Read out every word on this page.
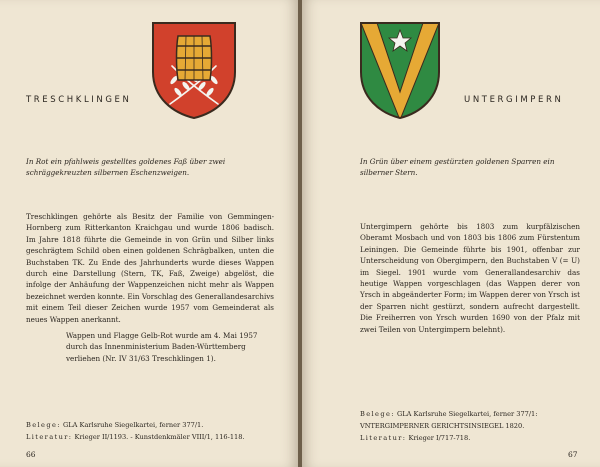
TRESCHKLINGEN

In Rot ein pfahlweis gestelltes goldenes Faß über zwei schräggekreuzten silbernen Eschenzweigen.

Treschklingen gehörte als Besitz der Familie von Gemmingen-Hornberg zum Ritterkanton Kraichgau und wurde 1806 badisch. Im Jahre 1818 führte die Gemeinde in von Grün und Silber links geschrägtem Schild oben einen goldenen Schrägbalken, unten die Buchstaben TK. Zu Ende des Jahrhunderts wurde dieses Wappen durch eine Darstellung (Stern, TK, Faß, Zweige) abgelöst, die infolge der Anhäufung der Wappenzeichen nicht mehr als Wappen bezeichnet werden konnte. Ein Vorschlag des Generallandesarchivs mit einem Teil dieser Zeichen wurde 1957 vom Gemeinderat als neues Wappen anerkannt.

Wappen und Flagge Gelb-Rot wurde am 4. Mai 1957 durch das Innenministerium Baden-Württemberg verliehen (Nr. IV 31/63 Treschklingen 1).

Belege: GLA Karlsruhe Siegelkartei, ferner 377/1.
Literatur: Krieger II/1193. - Kunstdenkmäler VIII/1, 116-118.
66
UNTERGIMPERN

In Grün über einem gestürzten goldenen Sparren ein silberner Stern.

Untergimpern gehörte bis 1803 zum kurpfälzischen Oberamt Mosbach und von 1803 bis 1806 zum Fürstentum Leiningen. Die Gemeinde führte bis 1901, offenbar zur Unterscheidung von Obergimpern, den Buchstaben V (= U) im Siegel. 1901 wurde vom Generallandesarchiv das heutige Wappen vorgeschlagen (das Wappen derer von Yrsch in abgeänderter Form; im Wappen derer von Yrsch ist der Sparren nicht gestürzt, sondern aufrecht dargestellt. Die Freiherren von Yrsch wurden 1690 von der Pfalz mit zwei Teilen von Untergimpern belehnt).

Belege: GLA Karlsruhe Siegelkartei, ferner 377/1: VNTERGIMPERNER GERICHTSINSIEGEL 1820.
Literatur: Krieger I/717-718.
67
